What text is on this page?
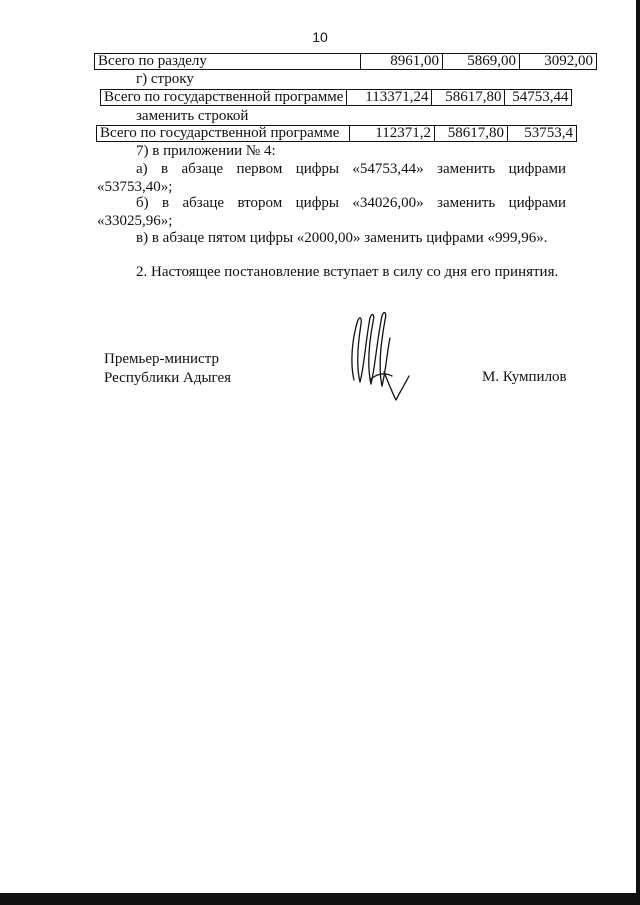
10
Всего по разделу	8961,00	5869,00	3092,00
г) строку
Всего по государственной программе	113371,24	58617,80	54753,44
заменить строкой
Всего по государственной программе	112371,2	58617,80	53753,4
7) в приложении № 4:
а) в абзаце первом цифры «54753,44» заменить цифрами
«53753,40»;
б) в абзаце втором цифры «34026,00» заменить цифрами
«33025,96»;
в) в абзаце пятом цифры «2000,00» заменить цифрами «999,96».
2. Настоящее постановление вступает в силу со дня его принятия.
Премьер-министр
Республики Адыгея	М. Кумпилов
